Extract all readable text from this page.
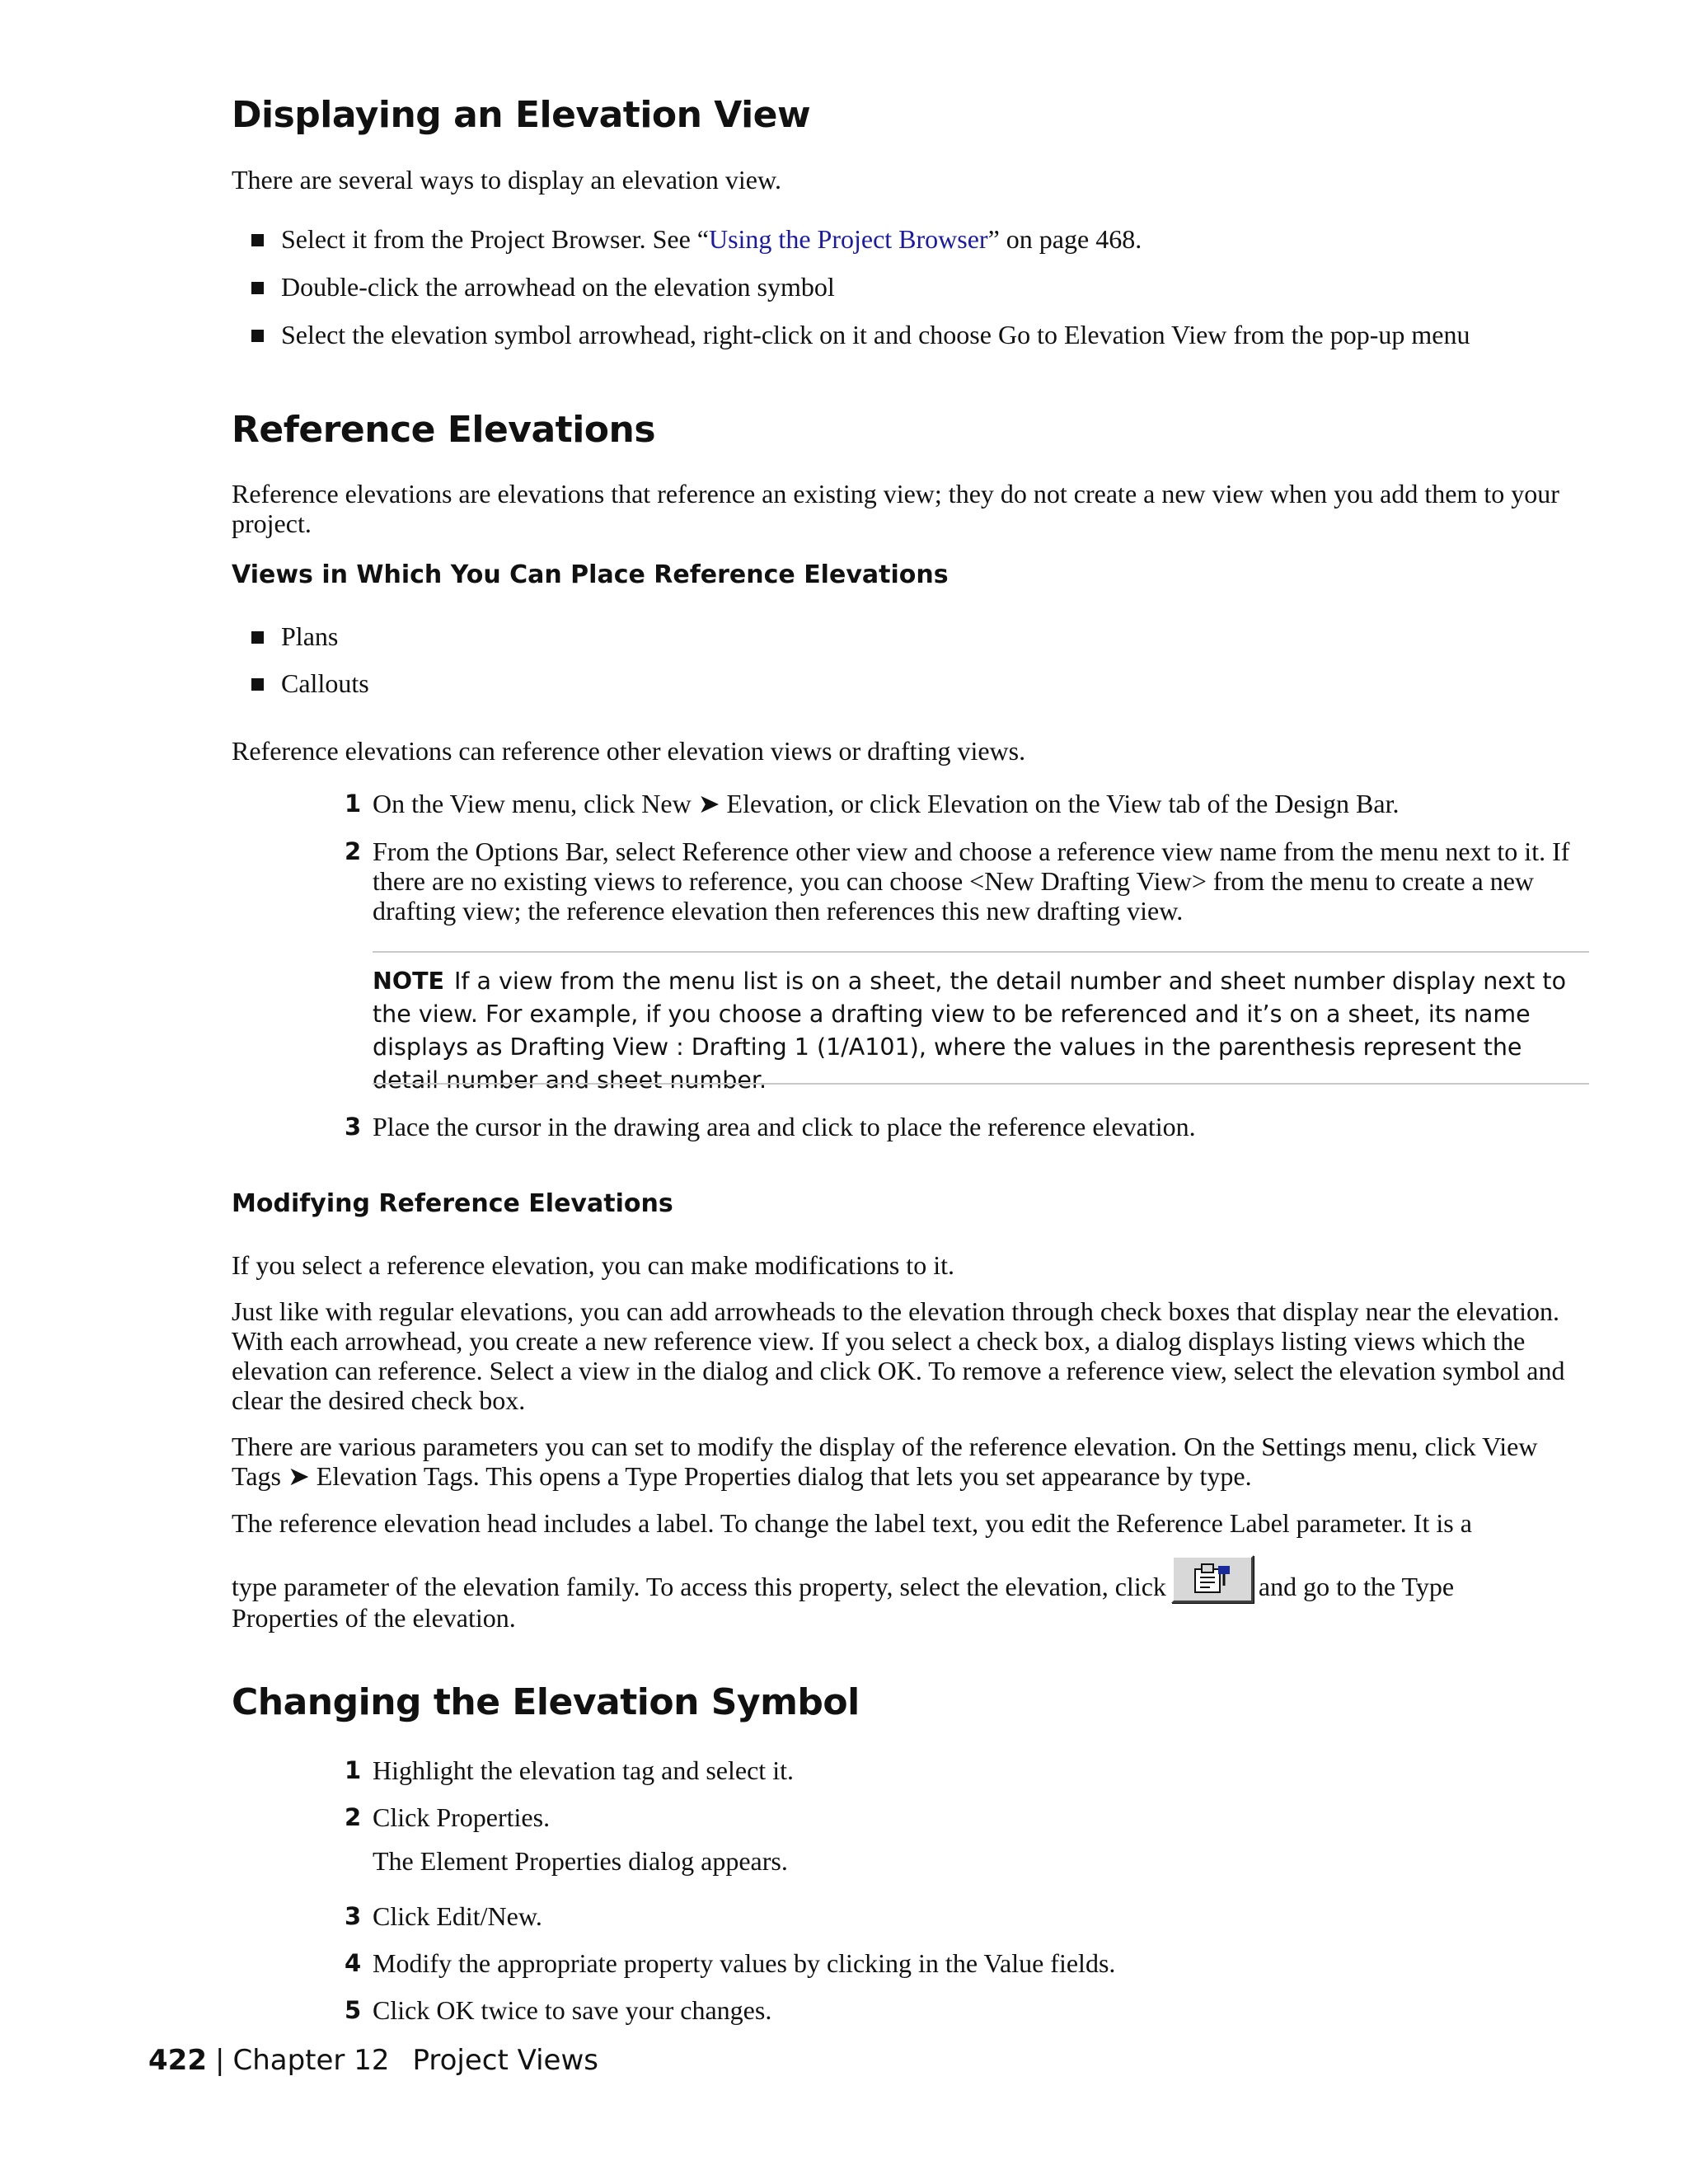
Displaying an Elevation View

There are several ways to display an elevation view.

Select it from the Project Browser. See “Using the Project Browser” on page 468.
Double-click the arrowhead on the elevation symbol
Select the elevation symbol arrowhead, right-click on it and choose Go to Elevation View from the pop-up menu
Reference Elevations

Reference elevations are elevations that reference an existing view; they do not create a new view when you add them to your project.

Views in Which You Can Place Reference Elevations
Plans
Callouts

Reference elevations can reference other elevation views or drafting views.

1 On the View menu, click New ➤ Elevation, or click Elevation on the View tab of the Design Bar.
2 From the Options Bar, select Reference other view and choose a reference view name from the menu next to it. If there are no existing views to reference, you can choose <New Drafting View> from the menu to create a new drafting view; the reference elevation then references this new drafting view.
NOTE If a view from the menu list is on a sheet, the detail number and sheet number display next to the view. For example, if you choose a drafting view to be referenced and it’s on a sheet, its name displays as Drafting View : Drafting 1 (1/A101), where the values in the parenthesis represent the detail number and sheet number.
3 Place the cursor in the drawing area and click to place the reference elevation.
Modifying Reference Elevations

If you select a reference elevation, you can make modifications to it.

Just like with regular elevations, you can add arrowheads to the elevation through check boxes that display near the elevation. With each arrowhead, you create a new reference view. If you select a check box, a dialog displays listing views which the elevation can reference. Select a view in the dialog and click OK. To remove a reference view, select the elevation symbol and clear the desired check box.

There are various parameters you can set to modify the display of the reference elevation. On the Settings menu, click View Tags ➤ Elevation Tags. This opens a Type Properties dialog that lets you set appearance by type.

The reference elevation head includes a label. To change the label text, you edit the Reference Label parameter. It is a
type parameter of the elevation family. To access this property, select the elevation, click	and go to the Type
Properties of the elevation.
Changing the Elevation Symbol
1 Highlight the elevation tag and select it.
2 Click Properties.
The Element Properties dialog appears.
3 Click Edit/New.
4 Modify the appropriate property values by clicking in the Value fields.
5 Click OK twice to save your changes.
422 | Chapter 12 Project Views
